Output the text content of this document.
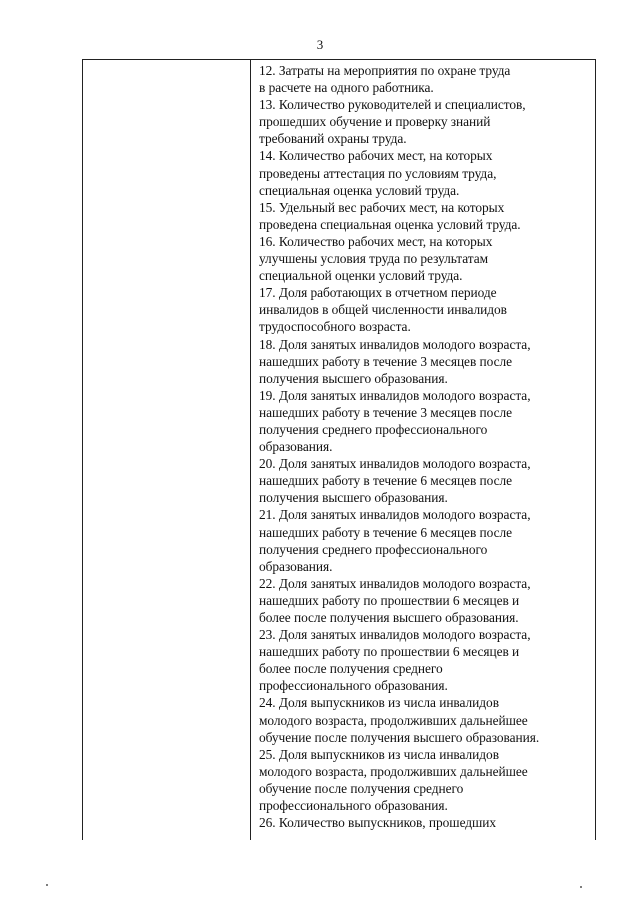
3
12. Затраты на мероприятия по охране труда
в расчете на одного работника.
13. Количество руководителей и специалистов,
прошедших обучение и проверку знаний
требований охраны труда.
14. Количество рабочих мест, на которых
проведены аттестация по условиям труда,
специальная оценка условий труда.
15. Удельный вес рабочих мест, на которых
проведена специальная оценка условий труда.
16. Количество рабочих мест, на которых
улучшены условия труда по результатам
специальной оценки условий труда.
17. Доля работающих в отчетном периоде
инвалидов в общей численности инвалидов
трудоспособного возраста.
18. Доля занятых инвалидов молодого возраста,
нашедших работу в течение 3 месяцев после
получения высшего образования.
19. Доля занятых инвалидов молодого возраста,
нашедших работу в течение 3 месяцев после
получения среднего профессионального
образования.
20. Доля занятых инвалидов молодого возраста,
нашедших работу в течение 6 месяцев после
получения высшего образования.
21. Доля занятых инвалидов молодого возраста,
нашедших работу в течение 6 месяцев после
получения среднего профессионального
образования.
22. Доля занятых инвалидов молодого возраста,
нашедших работу по прошествии 6 месяцев и
более после получения высшего образования.
23. Доля занятых инвалидов молодого возраста,
нашедших работу по прошествии 6 месяцев и
более после получения среднего
профессионального образования.
24. Доля выпускников из числа инвалидов
молодого возраста, продолживших дальнейшее
обучение после получения высшего образования.
25. Доля выпускников из числа инвалидов
молодого возраста, продолживших дальнейшее
обучение после получения среднего
профессионального образования.
26. Количество выпускников, прошедших
